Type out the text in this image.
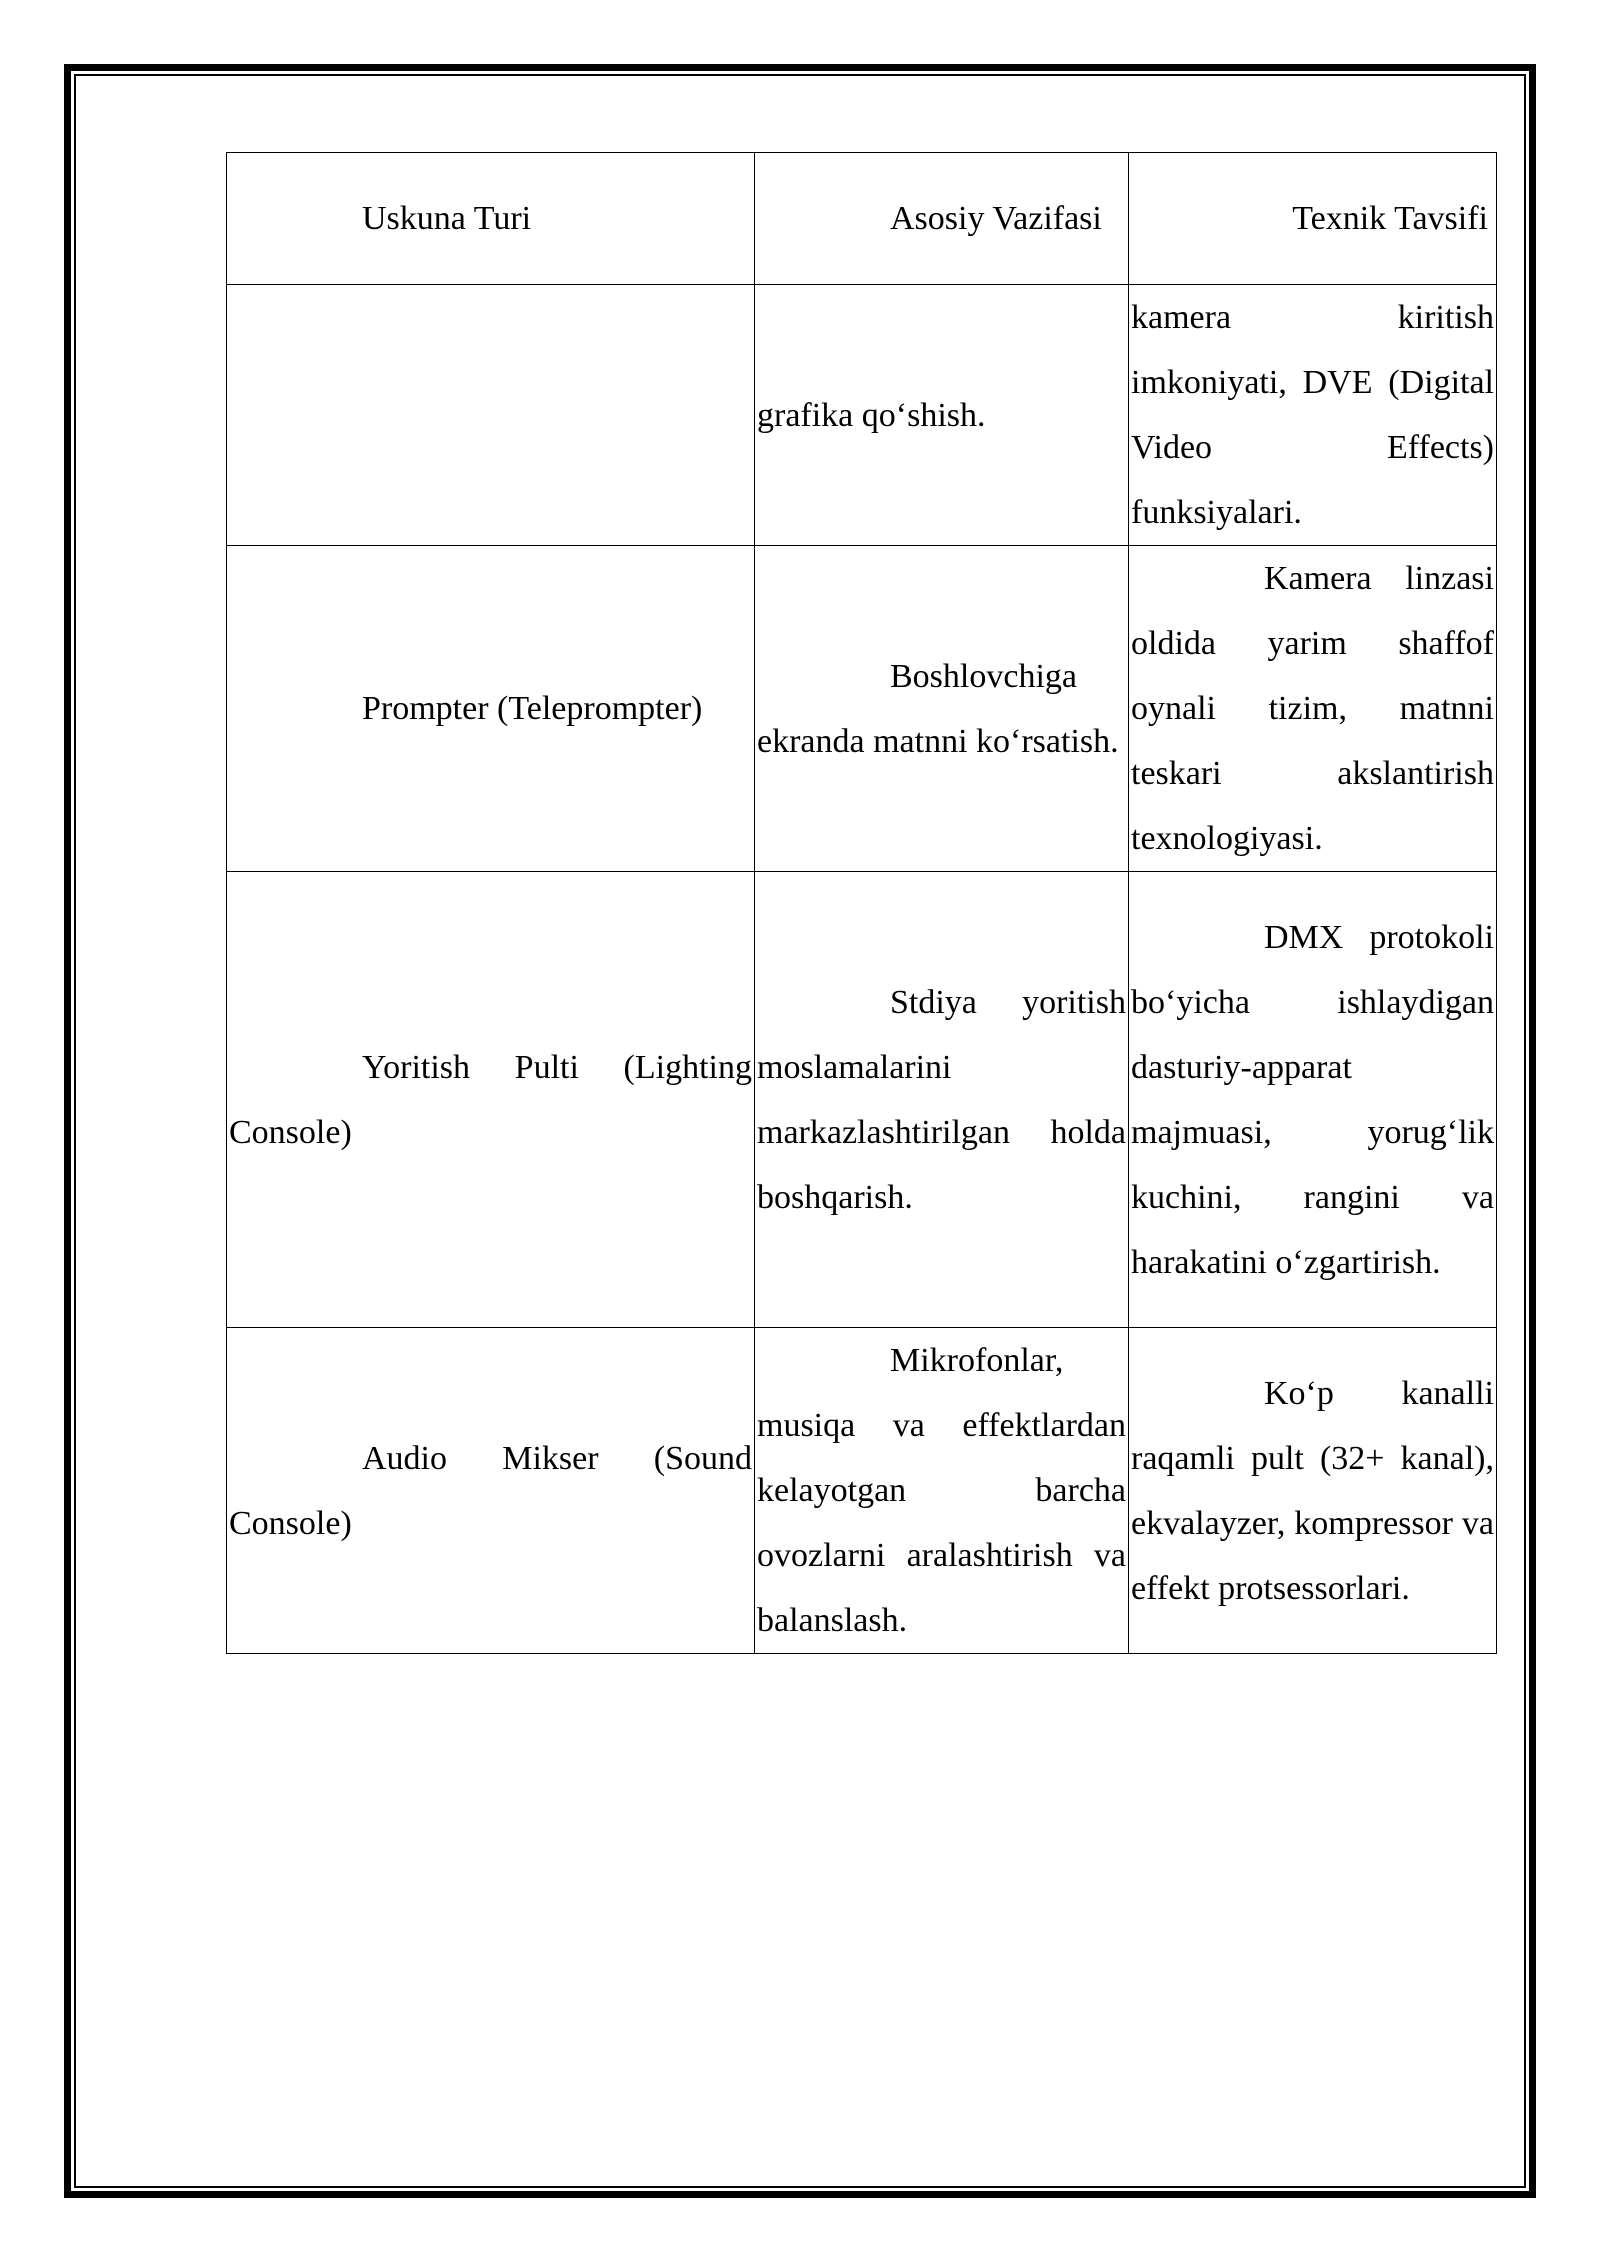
Uskuna Turi	Asosiy Vazifasi	Texnik Tavsifi
	grafika qo‘shish.	kamera kiritish imkoniyati, DVE (Digital Video Effects) funksiyalari.
Prompter (Teleprompter)	Boshlovchiga ekranda matnni ko‘rsatish.	Kamera linzasi oldida yarim shaffof oynali tizim, matnni teskari akslantirish texnologiyasi.
Yoritish Pulti (Lighting Console)	Stdiya yoritish moslamalarini markazlashtirilgan holda boshqarish.	DMX protokoli bo‘yicha ishlaydigan dasturiy-apparat majmuasi, yorug‘lik kuchini, rangini va harakatini o‘zgartirish.
Audio Mikser (Sound Console)	Mikrofonlar, musiqa va effektlardan kelayotgan barcha ovozlarni aralashtirish va balanslash.	Ko‘p kanalli raqamli pult (32+ kanal), ekvalayzer, kompressor va effekt protsessorlari.
